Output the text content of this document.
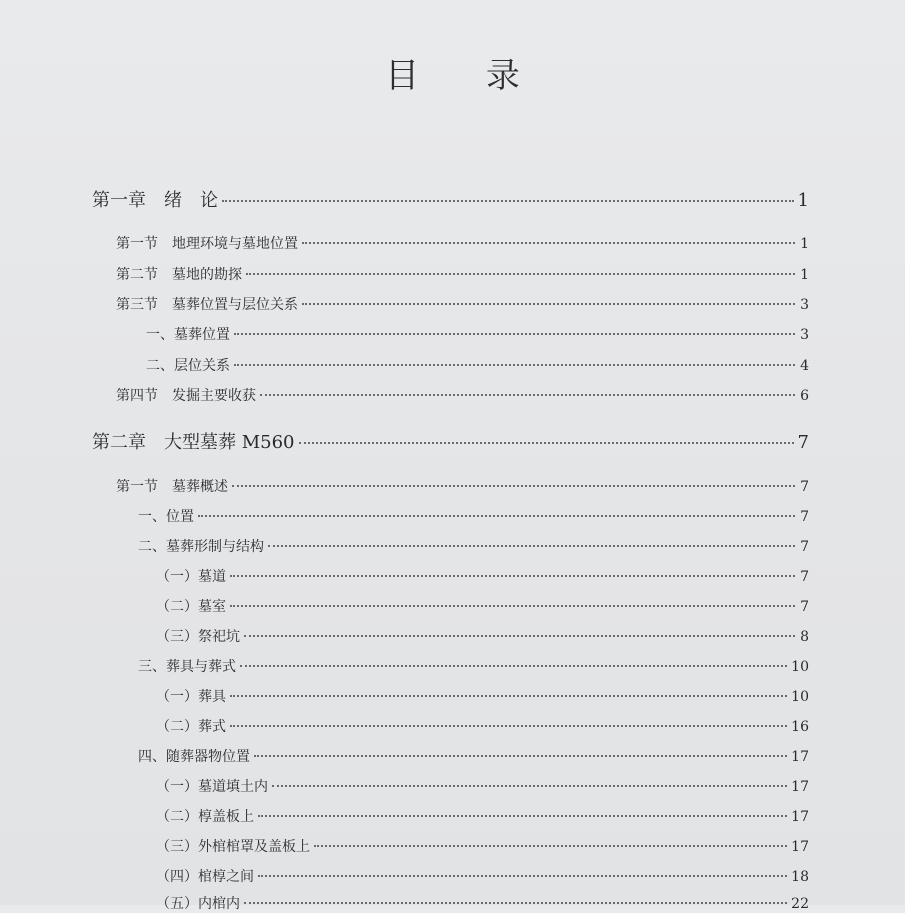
目 录
第一章　绪　论	1
第一节　地理环境与墓地位置	1
第二节　墓地的勘探	1
第三节　墓葬位置与层位关系	3
一、墓葬位置	3
二、层位关系	4
第四节　发掘主要收获	6
第二章　大型墓葬 M560	7
第一节　墓葬概述	7
一、位置	7
二、墓葬形制与结构	7
（一）墓道	7
（二）墓室	7
（三）祭祀坑	8
三、葬具与葬式	10
（一）葬具	10
（二）葬式	16
四、随葬器物位置	17
（一）墓道填土内	17
（二）椁盖板上	17
（三）外棺棺罩及盖板上	17
（四）棺椁之间	18
（五）内棺内	22
